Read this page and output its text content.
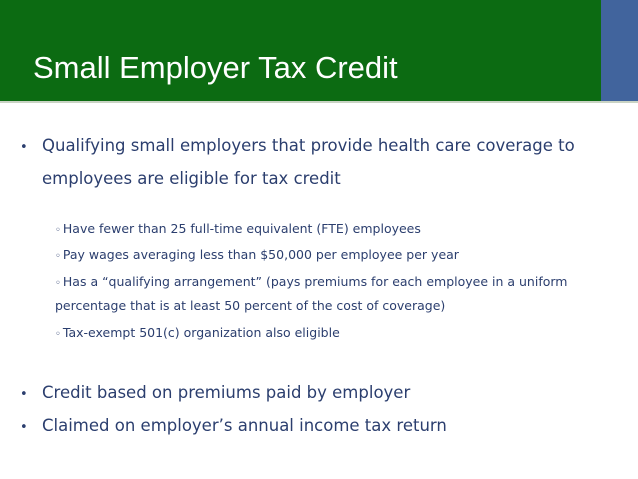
Small Employer Tax Credit
• Qualifying small employers that provide health care coverage to
employees are eligible for tax credit
◦ Have fewer than 25 full-time equivalent (FTE) employees
◦ Pay wages averaging less than $50,000 per employee per year
◦ Has a “qualifying arrangement” (pays premiums for each employee in a uniform
percentage that is at least 50 percent of the cost of coverage)
◦ Tax-exempt 501(c) organization also eligible
• Credit based on premiums paid by employer
• Claimed on employer’s annual income tax return
